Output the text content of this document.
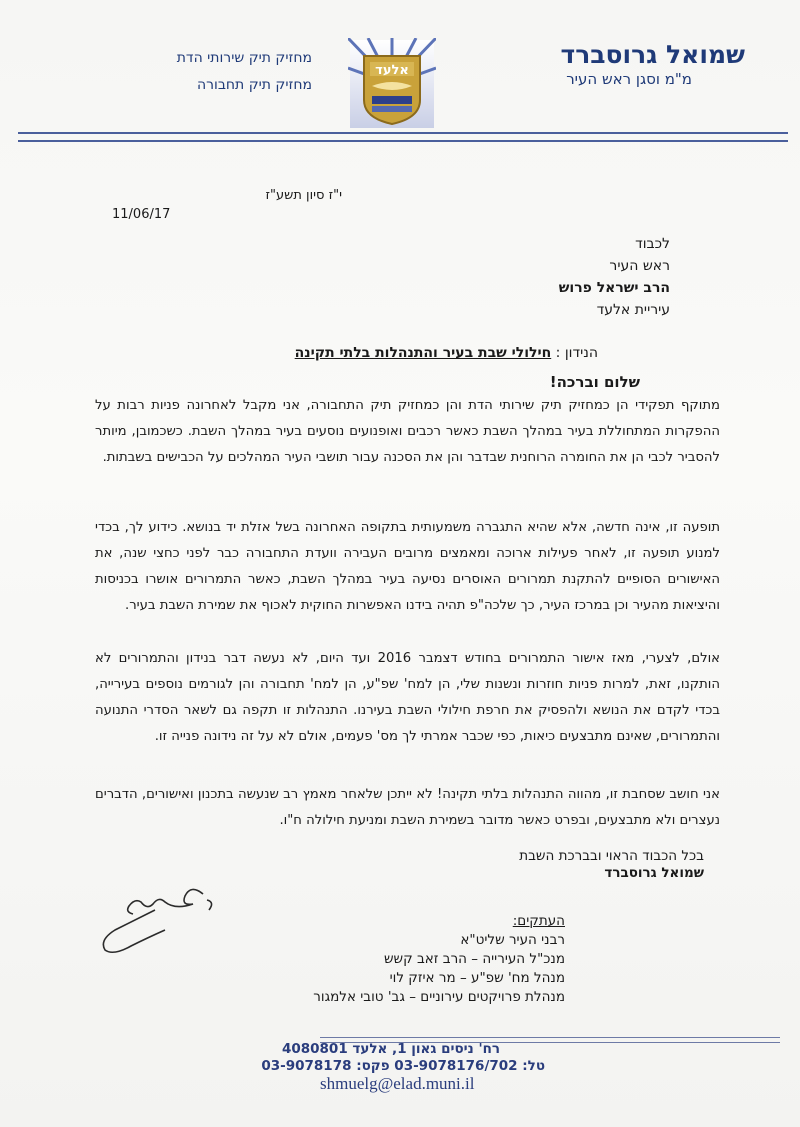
שמואל גרוסברד
מ"מ וסגן ראש העיר
מחזיק תיק שירותי הדת
מחזיק תיק תחבורה
אלעד
י"ז סיון תשע"ז
11/06/17
לכבוד
ראש העיר
הרב ישראל פרוש
עיריית אלעד
הנידון : חילולי שבת בעיר והתנהלות בלתי תקינה
שלום וברכה!
מתוקף תפקידי הן כמחזיק תיק שירותי הדת והן כמחזיק תיק התחבורה, אני מקבל לאחרונה פניות רבות על ההפקרות המתחוללת בעיר במהלך השבת כאשר רכבים ואופנועים נוסעים בעיר במהלך השבת. כשכמובן, מיותר להסביר לכבי הן את החומרה הרוחנית שבדבר והן את הסכנה עבור תושבי העיר המהלכים על הכבישים בשבתות.
תופעה זו, אינה חדשה, אלא שהיא התגברה משמעותית בתקופה האחרונה בשל אזלת יד בנושא. כידוע לך, בכדי למנוע תופעה זו, לאחר פעילות ארוכה ומאמצים מרובים העבירה וועדת התחבורה כבר לפני כחצי שנה, את האישורים הסופיים להתקנת תמרורים האוסרים נסיעה בעיר במהלך השבת, כאשר התמרורים אושרו בכניסות והיציאות מהעיר וכן במרכז העיר, כך שלכה"פ תהיה בידנו האפשרות החוקית לאכוף את שמירת השבת בעיר.
אולם, לצערי, מאז אישור התמרורים בחודש דצמבר 2016 ועד היום, לא נעשה דבר בנידון והתמרורים לא הותקנו, זאת, למרות פניות חוזרות ונשנות שלי, הן למח' שפ"ע, הן למח' תחבורה והן לגורמים נוספים בעירייה, בכדי לקדם את הנושא ולהפסיק את חרפת חילולי השבת בעירנו. התנהלות זו תקפה גם לשאר הסדרי התנועה והתמרורים, שאינם מתבצעים כיאות, כפי שכבר אמרתי לך מס' פעמים, אולם לא על זה נידונה פנייה זו.
אני חושב שסחבת זו, מהווה התנהלות בלתי תקינה! לא ייתכן שלאחר מאמץ רב שנעשה בתכנון ואישורים, הדברים נעצרים ולא מתבצעים, ובפרט כאשר מדובר בשמירת השבת ומניעת חילולה ח"ו.
בכל הכבוד הראוי ובברכת השבת
שמואל גרוסברד
העתקים:
רבני העיר שליט"א
מנכ"ל העירייה – הרב זאב קשש
מנהל מח' שפ"ע – מר איזק לוי
מנהלת פרויקטים עירוניים – גב' טובי אלמגור
רח' ניסים גאון 1, אלעד 4080801
טל: 03-9078176/702 פקס: 03-9078178
shmuelg@elad.muni.il
